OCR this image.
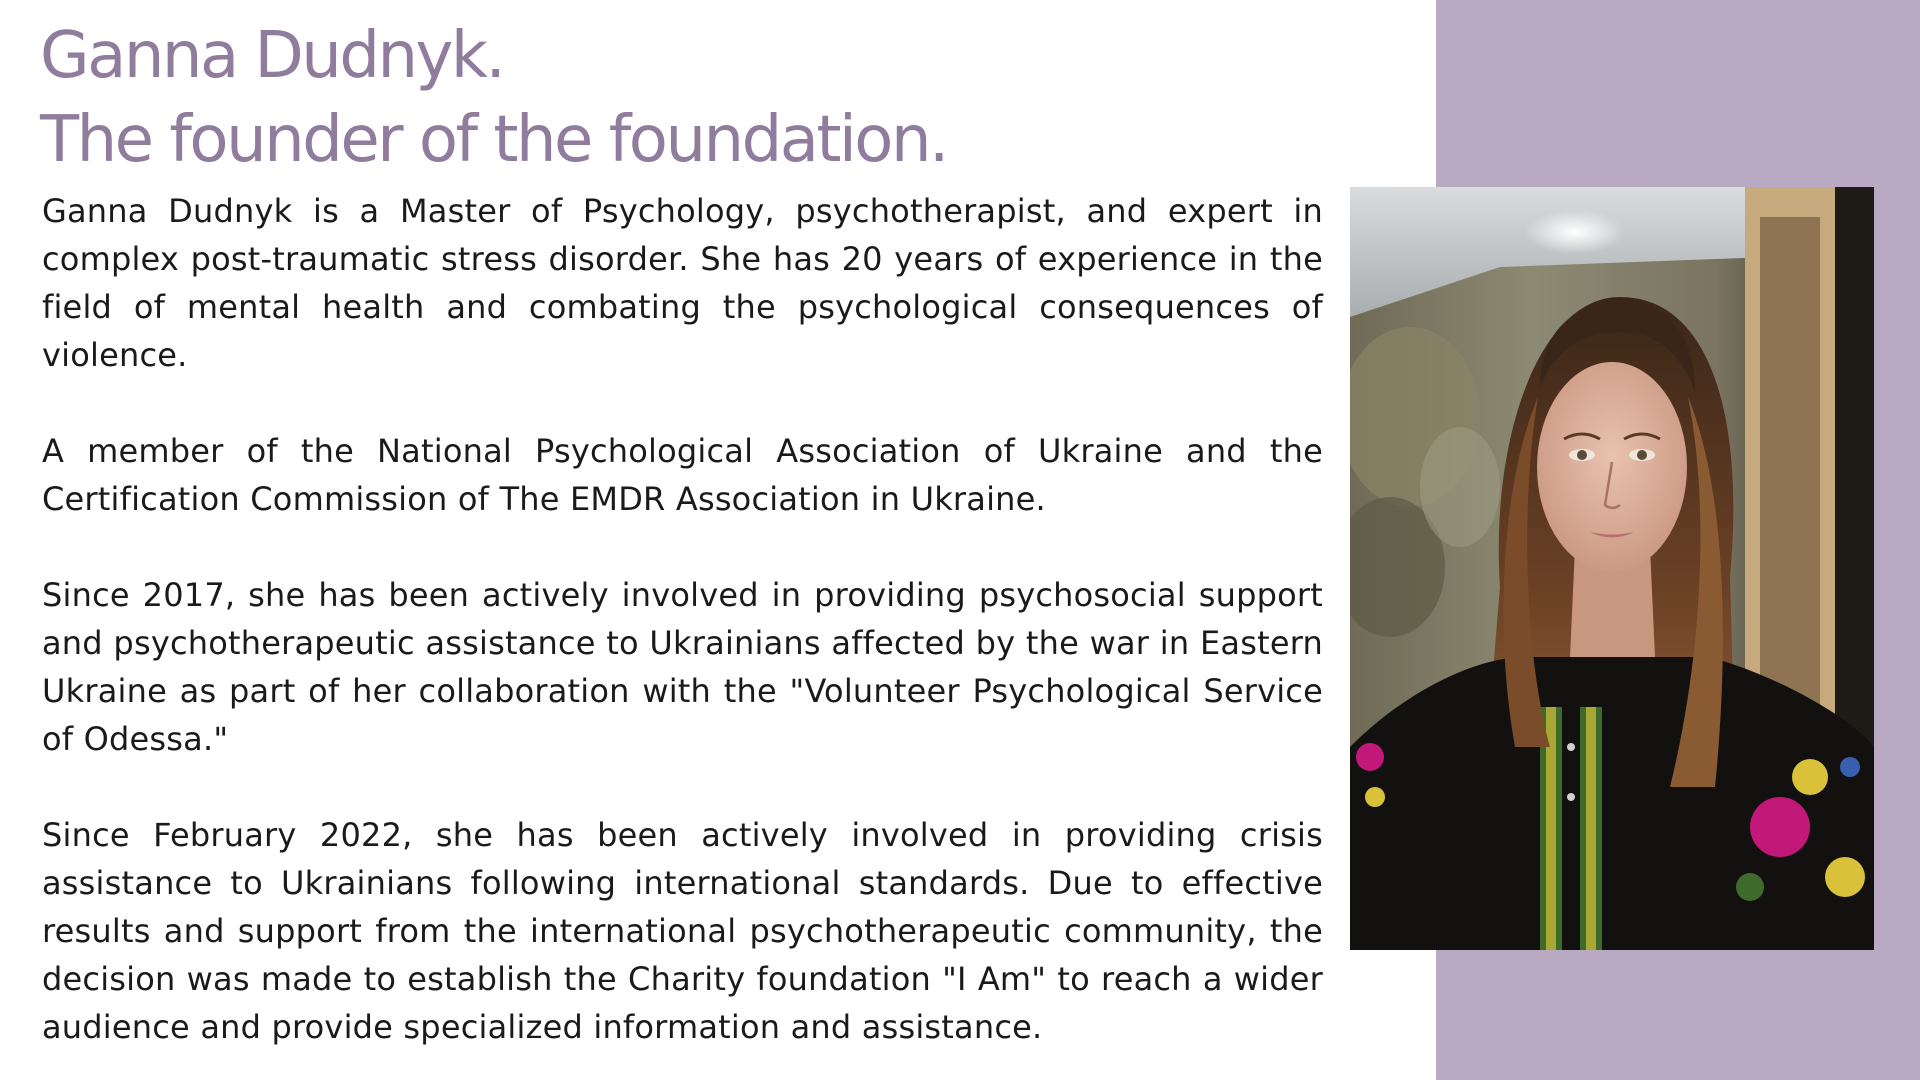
Ganna Dudnyk.
The founder of the foundation.

Ganna Dudnyk is a Master of Psychology, psychotherapist, and expert in complex post-traumatic stress disorder. She has 20 years of experience in the field of mental health and combating the psychological consequences of violence.

A member of the National Psychological Association of Ukraine and the Certification Commission of The EMDR Association in Ukraine.

Since 2017, she has been actively involved in providing psychosocial support and psychotherapeutic assistance to Ukrainians affected by the war in Eastern Ukraine as part of her collaboration with the "Volunteer Psychological Service of Odessa."

Since February 2022, she has been actively involved in providing crisis assistance to Ukrainians following international standards. Due to effective results and support from the international psychotherapeutic community, the decision was made to establish the Charity foundation "I Am" to reach a wider audience and provide specialized information and assistance.
